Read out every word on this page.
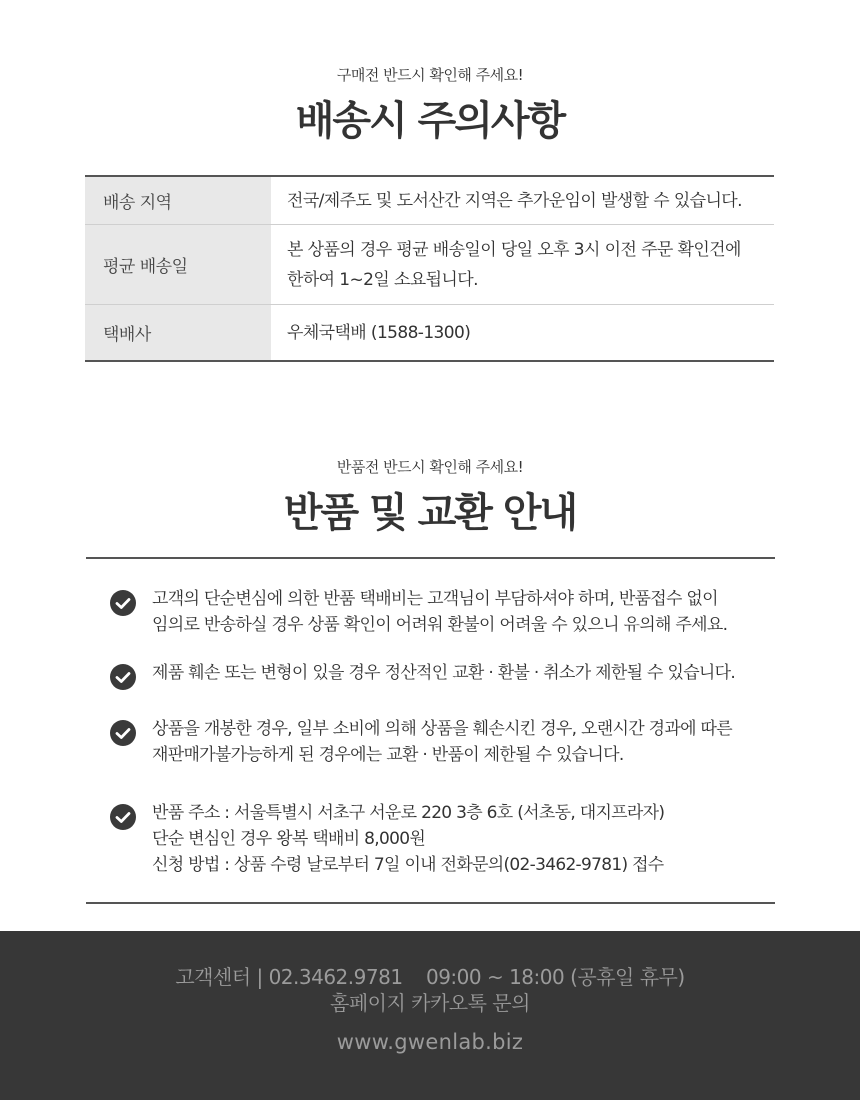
구매전 반드시 확인해 주세요!
배송시 주의사항
배송 지역	전국/제주도 및 도서산간 지역은 추가운임이 발생할 수 있습니다.
평균 배송일
본 상품의 경우 평균 배송일이 당일 오후 3시 이전 주문 확인건에
한하여 1~2일 소요됩니다.
택배사	우체국택배 (1588-1300)
반품전 반드시 확인해 주세요!
반품 및 교환 안내
고객의 단순변심에 의한 반품 택배비는 고객님이 부담하셔야 하며, 반품접수 없이
임의로 반송하실 경우 상품 확인이 어려워 환불이 어려울 수 있으니 유의해 주세요.
제품 훼손 또는 변형이 있을 경우 정산적인 교환 · 환불 · 취소가 제한될 수 있습니다.
상품을 개봉한 경우, 일부 소비에 의해 상품을 훼손시킨 경우, 오랜시간 경과에 따른
재판매가불가능하게 된 경우에는 교환 · 반품이 제한될 수 있습니다.
반품 주소 : 서울특별시 서초구 서운로 220 3층 6호 (서초동, 대지프라자)
단순 변심인 경우 왕복 택배비 8,000원
신청 방법 : 상품 수령 날로부터 7일 이내 전화문의(02-3462-9781) 접수
고객센터 | 02.3462.9781    09:00 ~ 18:00 (공휴일 휴무)
홈페이지 카카오톡 문의
www.gwenlab.biz
